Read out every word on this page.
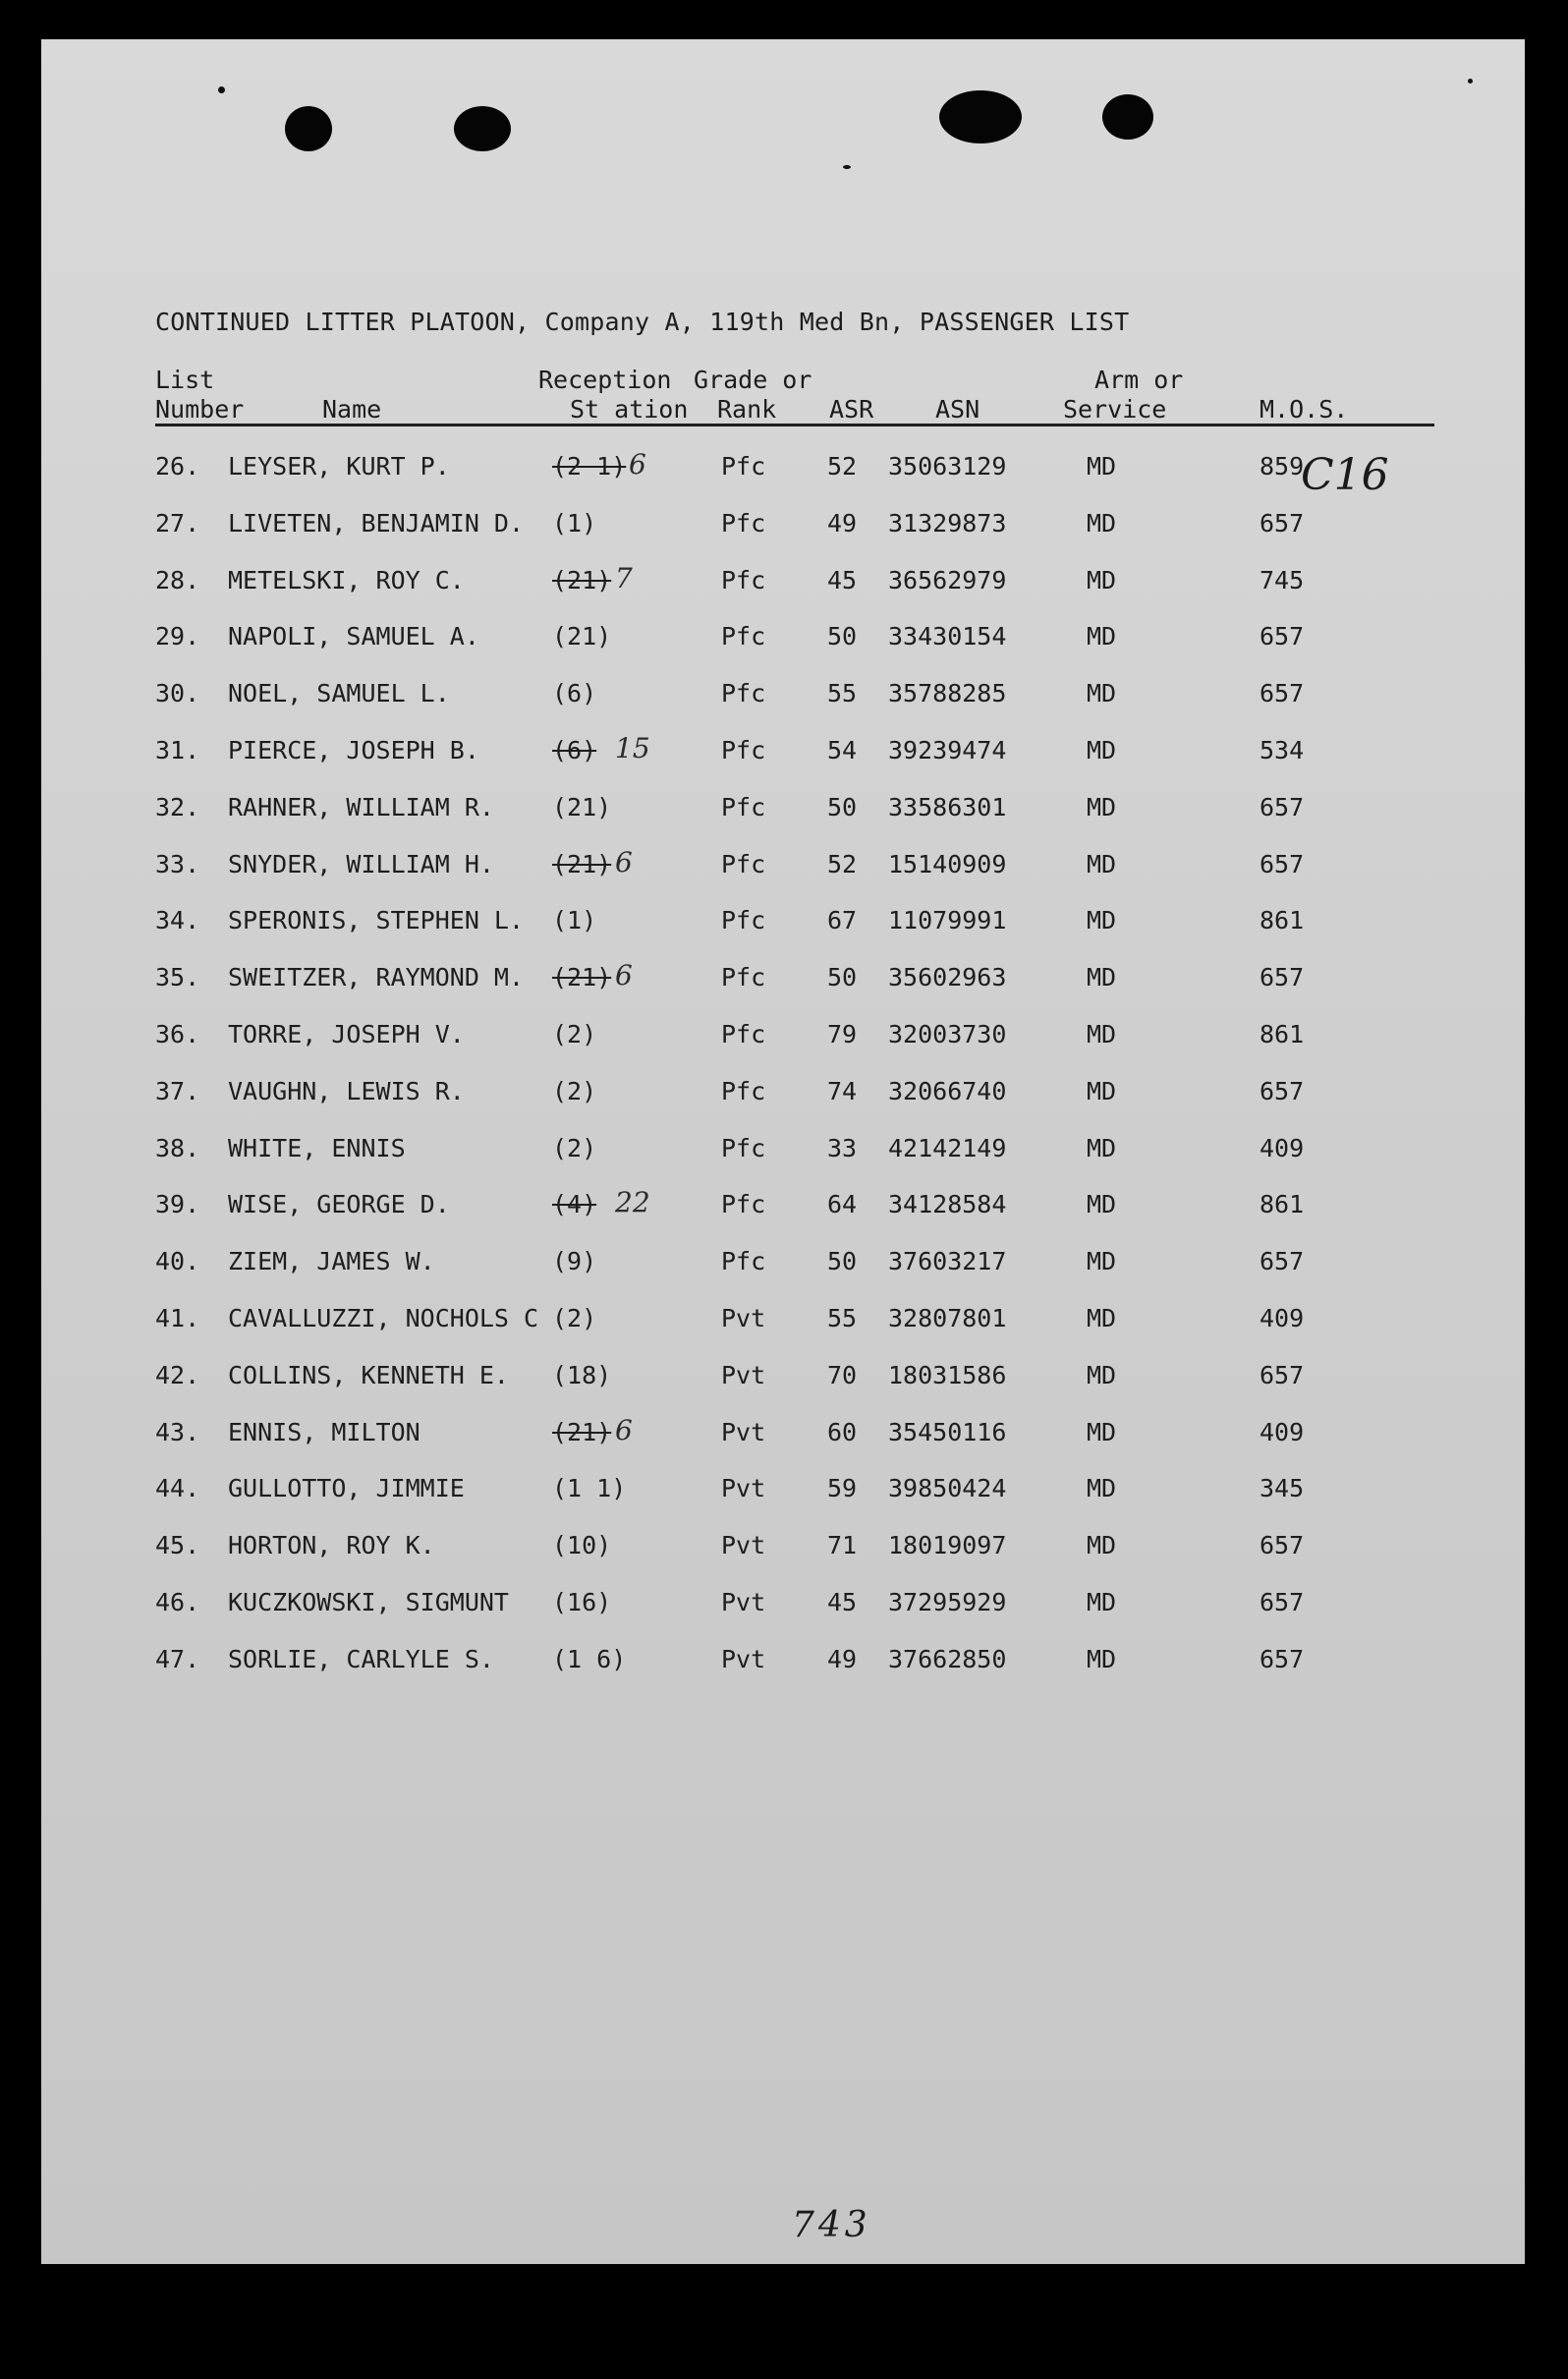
CONTINUED LITTER PLATOON, Company A, 119th Med Bn, PASSENGER LIST
List
Number	Name
Reception
St ation
Grade or
Rank	ASR	ASN
Arm or
Service	M.O.S.
26. LEYSER, KURT P.	(2 1) 6	Pfc	52 35063129	MD	859
27. LIVETEN, BENJAMIN D. (1)	Pfc	49 31329873	MD	657
28. METELSKI, ROY C.	(21) 7	Pfc	45 36562979	MD	745
29. NAPOLI, SAMUEL A.	(21)	Pfc	50 33430154	MD	657
30. NOEL, SAMUEL L.	(6)	Pfc	55 35788285	MD	657
31. PIERCE, JOSEPH B.	(6) 15	Pfc	54 39239474	MD	534
32. RAHNER, WILLIAM R. (21)	Pfc	50 33586301	MD	657
33. SNYDER, WILLIAM H. (21) 6	Pfc	52 15140909	MD	657
34. SPERONIS, STEPHEN L. (1)	Pfc	67 11079991	MD	861
35. SWEITZER, RAYMOND M. (21) 6	Pfc	50 35602963	MD	657
36. TORRE, JOSEPH V.	(2)	Pfc	79 32003730	MD	861
37. VAUGHN, LEWIS R.	(2)	Pfc	74 32066740	MD	657
38. WHITE, ENNIS	(2)	Pfc	33 42142149	MD	409
39. WISE, GEORGE D.	(4) 22	Pfc	64 34128584	MD	861
40. ZIEM, JAMES W.	(9)	Pfc	50 37603217	MD	657
41. CAVALLUZZI, NOCHOLS C (2)	Pvt	55 32807801	MD	409
42. COLLINS, KENNETH E. (18)	Pvt	70 18031586	MD	657
43. ENNIS, MILTON	(21) 6	Pvt	60 35450116	MD	409
44. GULLOTTO, JIMMIE	(1 1)	Pvt	59 39850424	MD	345
45. HORTON, ROY K.	(10)	Pvt	71 18019097	MD	657
46. KUCZKOWSKI, SIGMUNT (16)	Pvt	45 37295929	MD	657
47. SORLIE, CARLYLE S. (1 6)	Pvt	49 37662850	MD	657
C16
743
